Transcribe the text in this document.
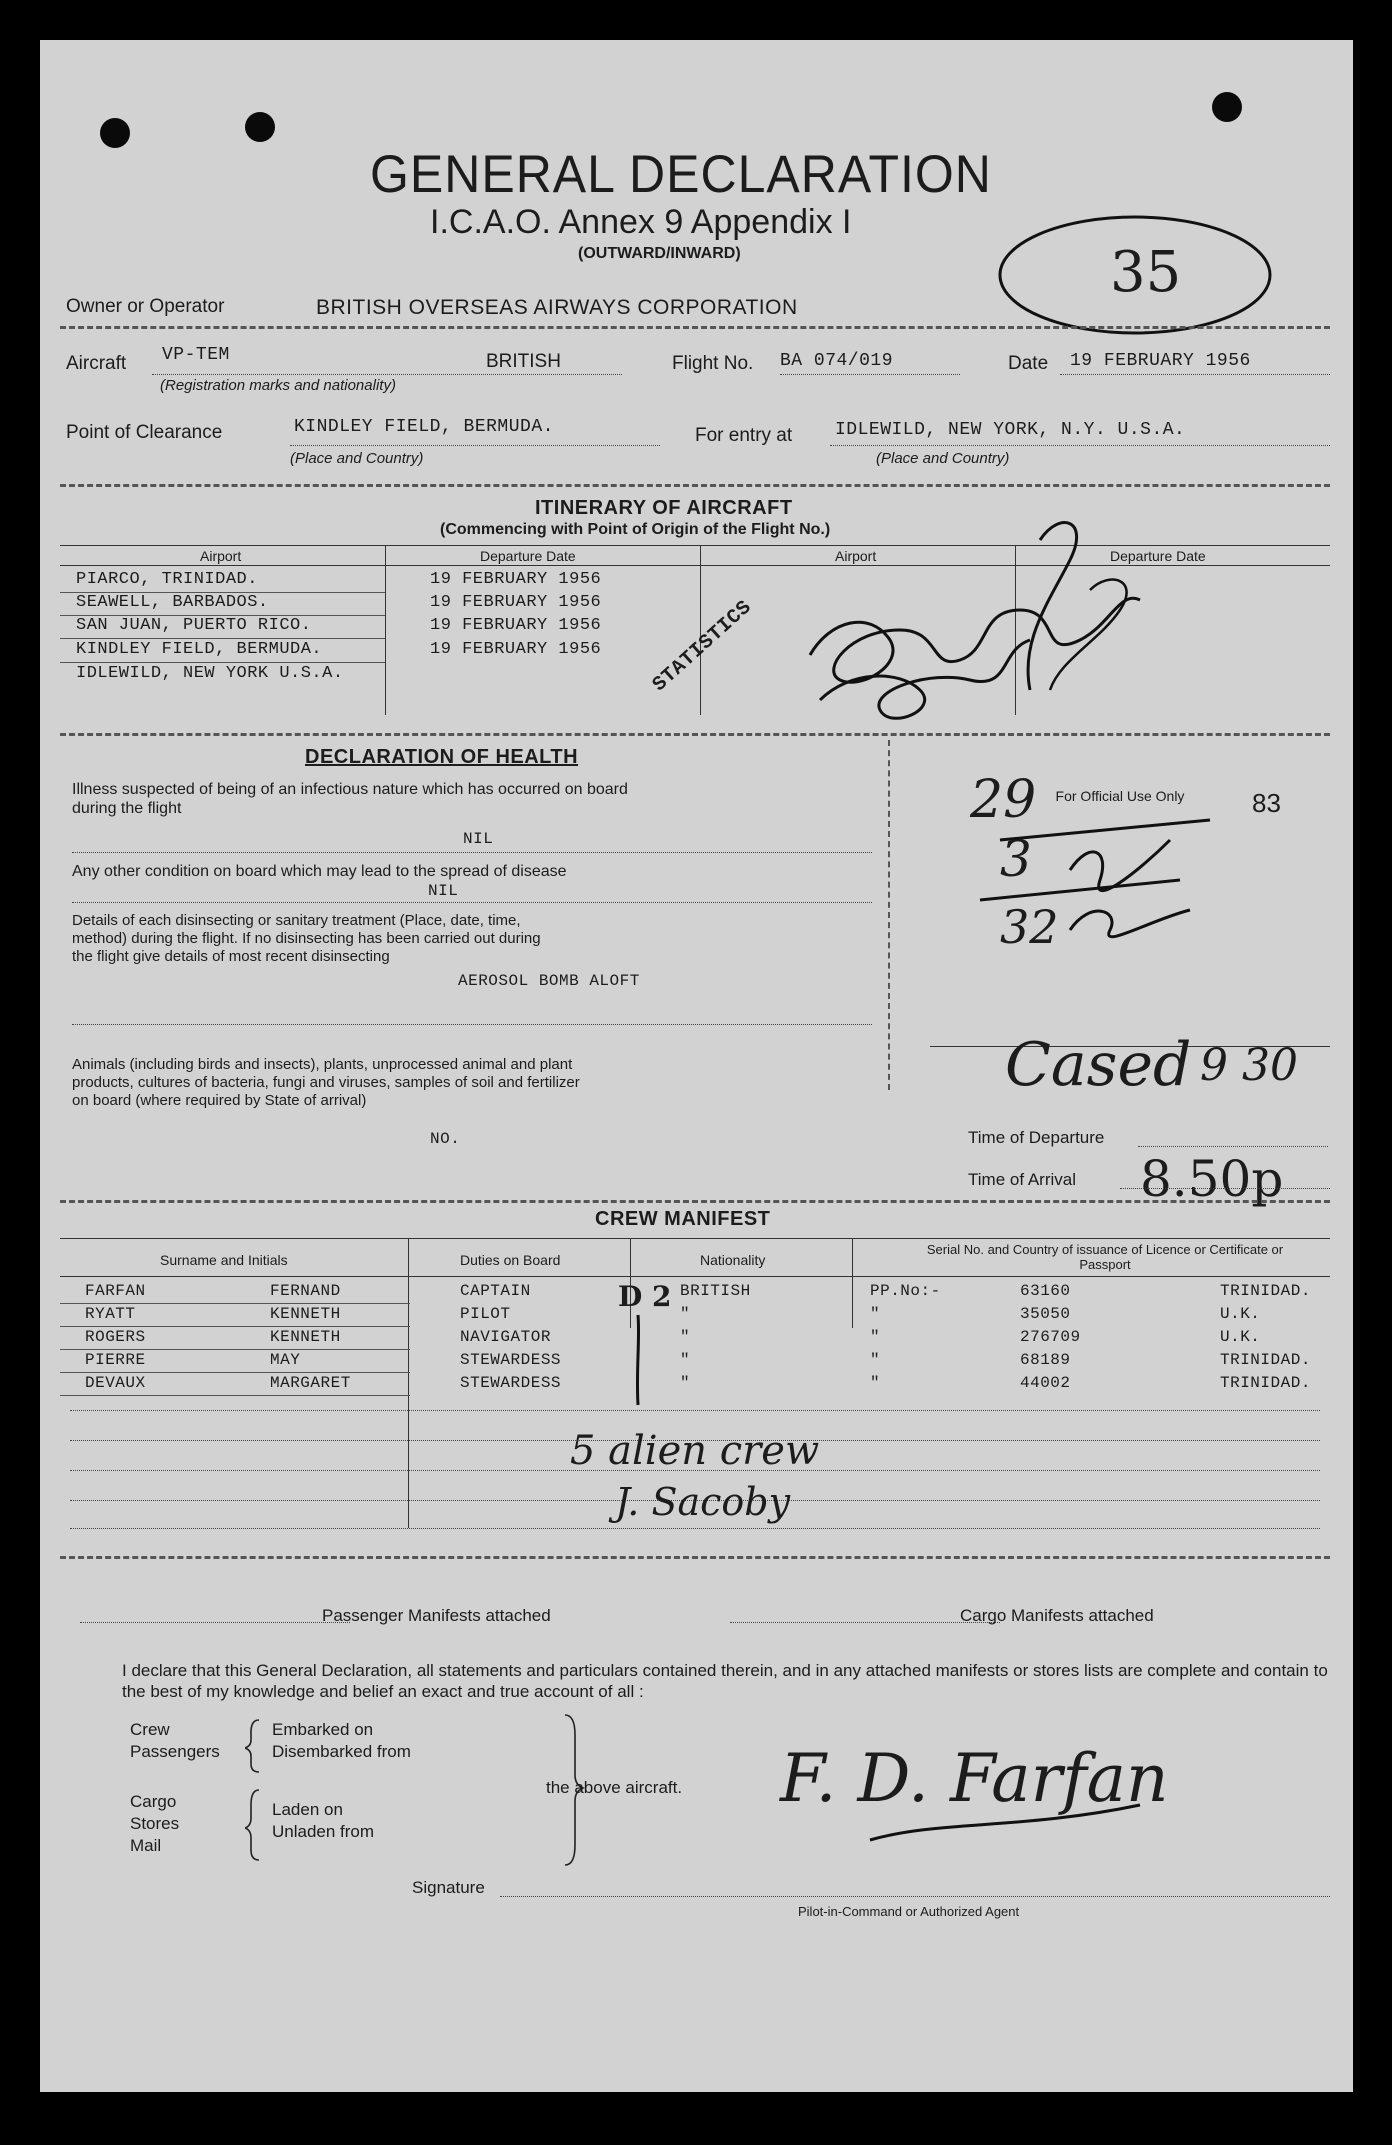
GENERAL DECLARATION
I.C.A.O. Annex 9 Appendix I
(OUTWARD/INWARD)	35
Owner or Operator	BRITISH OVERSEAS AIRWAYS CORPORATION
Aircraft VP-TEM	BRITISH
(Registration marks and nationality)
Flight No. BA 074/019	Date 19 FEBRUARY 1956
Point of Clearance	KINDLEY FIELD, BERMUDA.
(Place and Country)
For entry at IDLEWILD, NEW YORK, N.Y. U.S.A.
(Place and Country)
ITINERARY OF AIRCRAFT
(Commencing with Point of Origin of the Flight No.)
Airport	Departure Date	Airport	Departure Date
PIARCO, TRINIDAD.	19 FEBRUARY 1956
SEAWELL, BARBADOS.	19 FEBRUARY 1956
SAN JUAN, PUERTO RICO.	19 FEBRUARY 1956
KINDLEY FIELD, BERMUDA.	19 FEBRUARY 1956
IDLEWILD, NEW YORK U.S.A.	STATISTICS
DECLARATION OF HEALTH
Illness suspected of being of an infectious nature which has occurred on board during the flight
NIL
Any other condition on board which may lead to the spread of disease
NIL
Details of each disinsecting or sanitary treatment (Place, date, time, method) during the flight. If no disinsecting has been carried out during the flight give details of most recent disinsecting
AEROSOL BOMB ALOFT
Animals (including birds and insects), plants, unprocessed animal and plant products, cultures of bacteria, fungi and viruses, samples of soil and fertilizer on board (where required by State of arrival)
NO.
For Official Use Only	83
29
3
32
Cased 9 30
Time of Departure
Time of Arrival 8.50p
CREW MANIFEST
Surname and Initials	Duties on Board	Nationality
Serial No. and Country of issuance of Licence or Certificate or Passport
FARFAN	FERNAND	CAPTAIN	BRITISH	PP.No:-	63160	TRINIDAD.
RYATT	KENNETH	PILOT	"	"	35050	U.K.
ROGERS	KENNETH	NAVIGATOR	"	"	276709	U.K.
PIERRE	MAY	STEWARDESS	"	"	68189	TRINIDAD.
DEVAUX	MARGARET	STEWARDESS	"	"	44002	TRINIDAD.
D 2
5 alien crew
J. Sacoby
Passenger Manifests attached	Cargo Manifests attached
I declare that this General Declaration, all statements and particulars contained therein, and in any attached manifests or stores lists are complete and contain to the best of my knowledge and belief an exact and true account of all :
Crew
Passengers
Embarked on
Disembarked from
Cargo
Stores
Mail
Laden on
Unladen from
the above aircraft. F. D. Farfan
Signature
Pilot-in-Command or Authorized Agent
